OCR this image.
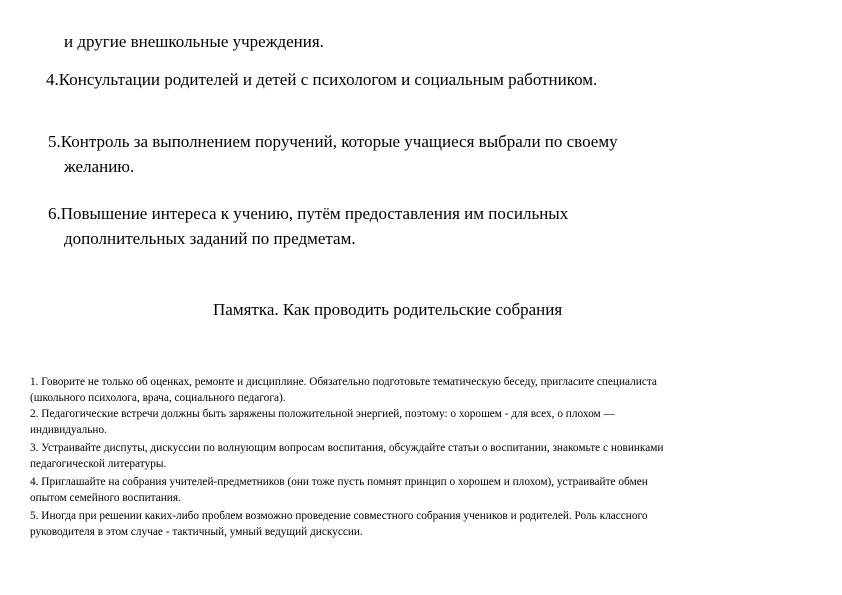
и другие внешкольные учреждения.
4.Консультации родителей и детей с психологом и социальным работником.
5.Контроль за выполнением поручений, которые учащиеся выбрали по своему
желанию.
6.Повышение интереса к учению, путём предоставления им посильных
дополнительных заданий по предметам.
Памятка. Как проводить родительские собрания
1. Говорите не только об оценках, ремонте и дисциплине. Обязательно подготовьте тематическую беседу, пригласите специалиста
(школьного психолога, врача, социального педагога).
2. Педагогические встречи должны быть заряжены положительной энергией, поэтому: о хорошем - для всех, о плохом —
индивидуально.
3. Устраивайте диспуты, дискуссии по волнующим вопросам воспитания, обсуждайте статьи о воспитании, знакомьте с новинками
педагогической литературы.
4. Приглашайте на собрания учителей-предметников (они тоже пусть помнят принцип о хорошем и плохом), устраивайте обмен
опытом семейного воспитания.
5. Иногда при решении каких-либо проблем возможно проведение совместного собрания учеников и родителей. Роль классного
руководителя в этом случае - тактичный, умный ведущий дискуссии.
